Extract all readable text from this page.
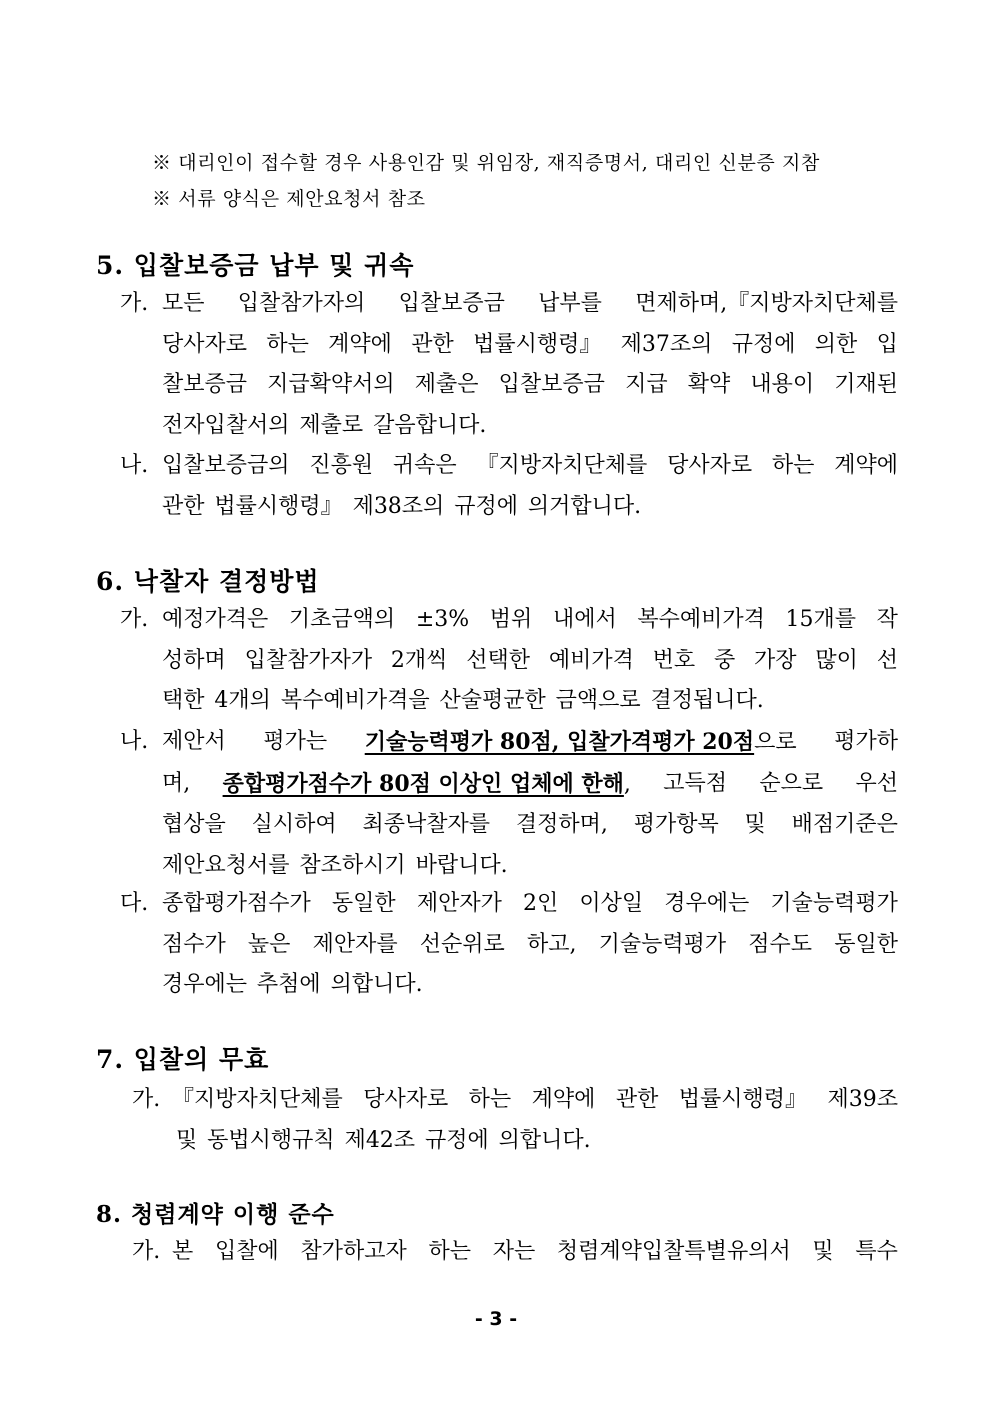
※ 대리인이 접수할 경우 사용인감 및 위임장, 재직증명서, 대리인 신분증 지참
※ 서류 양식은 제안요청서 참조
5. 입찰보증금 납부 및 귀속
가. 모든 입찰참가자의 입찰보증금 납부를 면제하며,『지방자치단체를
당사자로 하는 계약에 관한 법률시행령』 제37조의 규정에 의한 입
찰보증금 지급확약서의 제출은 입찰보증금 지급 확약 내용이 기재된
전자입찰서의 제출로 갈음합니다.
나. 입찰보증금의 진흥원 귀속은 『지방자치단체를 당사자로 하는 계약에
관한 법률시행령』 제38조의 규정에 의거합니다.
6. 낙찰자 결정방법
가. 예정가격은 기초금액의 ±3% 범위 내에서 복수예비가격 15개를 작
성하며 입찰참가자가 2개씩 선택한 예비가격 번호 중 가장 많이 선
택한 4개의 복수예비가격을 산술평균한 금액으로 결정됩니다.
나. 제안서 평가는 기술능력평가 80점, 입찰가격평가 20점으로 평가하
며, 종합평가점수가 80점 이상인 업체에 한해, 고득점 순으로 우선
협상을 실시하여 최종낙찰자를 결정하며, 평가항목 및 배점기준은
제안요청서를 참조하시기 바랍니다.
다. 종합평가점수가 동일한 제안자가 2인 이상일 경우에는 기술능력평가
점수가 높은 제안자를 선순위로 하고, 기술능력평가 점수도 동일한
경우에는 추첨에 의합니다.
7. 입찰의 무효
가. 『지방자치단체를 당사자로 하는 계약에 관한 법률시행령』 제39조
및 동법시행규칙 제42조 규정에 의합니다.
8. 청렴계약 이행 준수
가. 본 입찰에 참가하고자 하는 자는 청렴계약입찰특별유의서 및 특수
- 3 -
